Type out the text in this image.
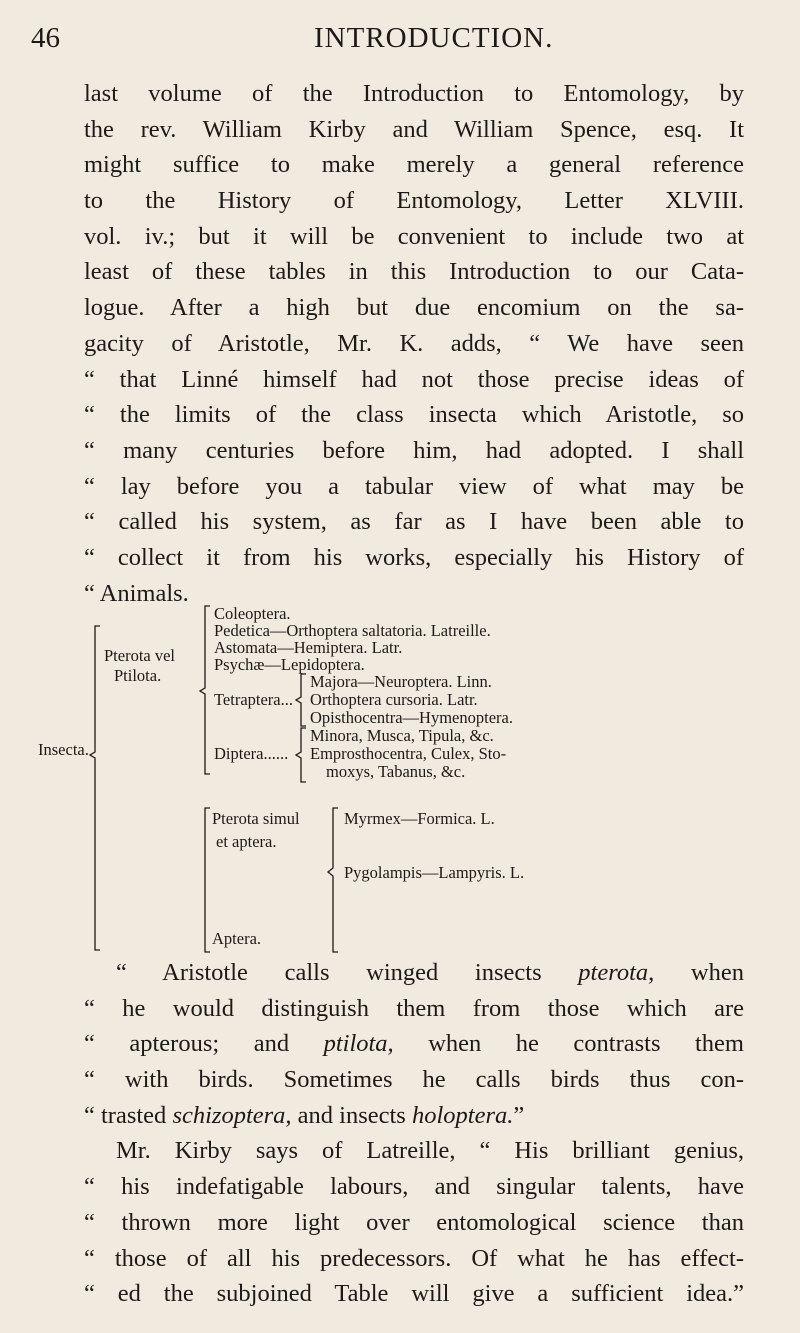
46	INTRODUCTION.
last volume of the Introduction to Entomology, by
the rev. William Kirby and William Spence, esq. It
might suffice to make merely a general reference
to the History of Entomology, Letter XLVIII.
vol. iv.; but it will be convenient to include two at
least of these tables in this Introduction to our Cata-
logue. After a high but due encomium on the sa-
gacity of Aristotle, Mr. K. adds, “ We have seen
“ that Linné himself had not those precise ideas of
“ the limits of the class insecta which Aristotle, so
“ many centuries before him, had adopted. I shall
“ lay before you a tabular view of what may be
“ called his system, as far as I have been able to
“ collect it from his works, especially his History of
“ Animals.
Insecta.
Pterota vel
Ptilota.
Coleoptera.
Pedetica—Orthoptera saltatoria. Latreille.
Astomata—Hemiptera. Latr.
Psychæ—Lepidoptera.
Tetraptera...
Majora—Neuroptera. Linn.
Orthoptera cursoria. Latr.
Opisthocentra—Hymenoptera.
Diptera......
Minora, Musca, Tipula, &c.
Emprosthocentra, Culex, Sto-
moxys, Tabanus, &c.
Pterota simul
et aptera.
Aptera.
Myrmex—Formica. L.
Pygolampis—Lampyris. L.
“ Aristotle calls winged insects pterota, when
“ he would distinguish them from those which are
“ apterous; and ptilota, when he contrasts them
“ with birds. Sometimes he calls birds thus con-
“ trasted schizoptera, and insects holoptera.”
Mr. Kirby says of Latreille, “ His brilliant genius,
“ his indefatigable labours, and singular talents, have
“ thrown more light over entomological science than
“ those of all his predecessors. Of what he has effect-
“ ed the subjoined Table will give a sufficient idea.”
